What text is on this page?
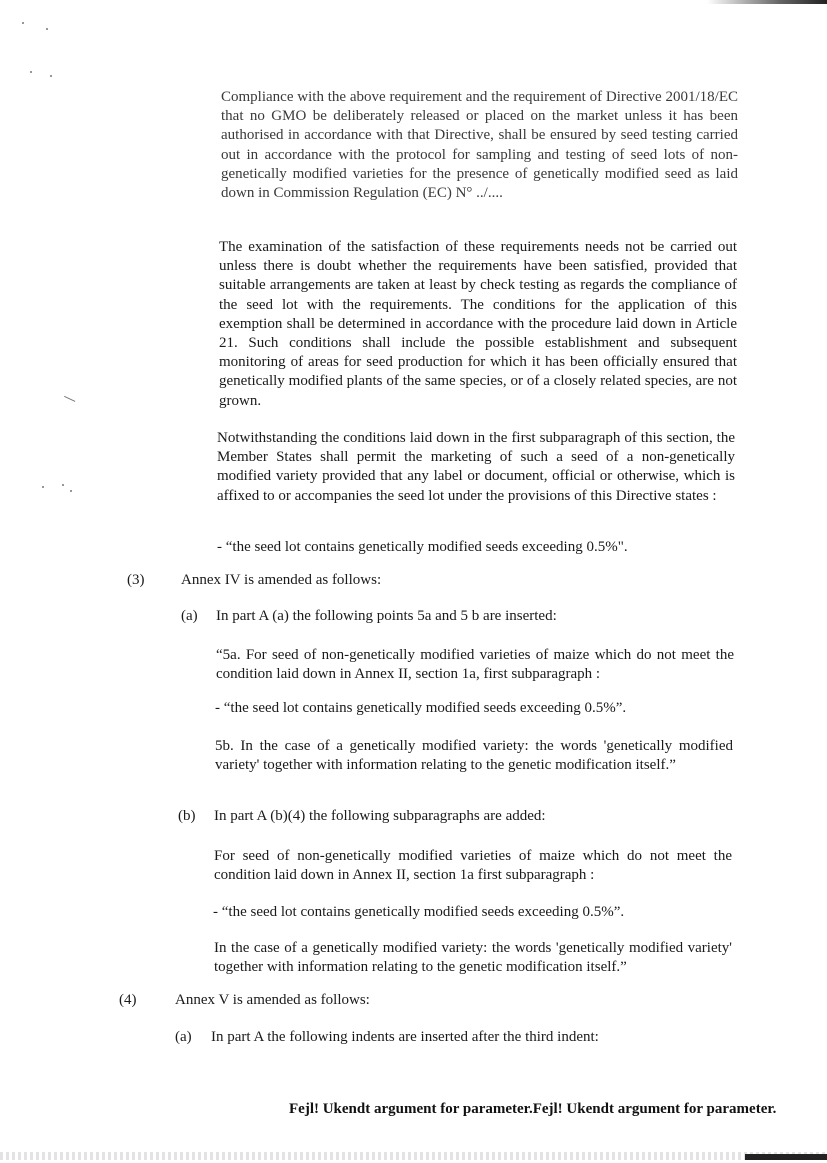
Compliance with the above requirement and the requirement of Directive 2001/18/EC that no GMO be deliberately released or placed on the market unless it has been authorised in accordance with that Directive, shall be ensured by seed testing carried out in accordance with the protocol for sampling and testing of seed lots of non-genetically modified varieties for the presence of genetically modified seed as laid down in Commission Regulation (EC) N° ../....
The examination of the satisfaction of these requirements needs not be carried out unless there is doubt whether the requirements have been satisfied, provided that suitable arrangements are taken at least by check testing as regards the compliance of the seed lot with the requirements. The conditions for the application of this exemption shall be determined in accordance with the procedure laid down in Article 21. Such conditions shall include the possible establishment and subsequent monitoring of areas for seed production for which it has been officially ensured that genetically modified plants of the same species, or of a closely related species, are not grown.
Notwithstanding the conditions laid down in the first subparagraph of this section, the Member States shall permit the marketing of such a seed of a non-genetically modified variety provided that any label or document, official or otherwise, which is affixed to or accompanies the seed lot under the provisions of this Directive states :
- “the seed lot contains genetically modified seeds exceeding 0.5%".
(3) Annex IV is amended as follows:
(a) In part A (a) the following points 5a and 5 b are inserted:
“5a. For seed of non-genetically modified varieties of maize which do not meet the condition laid down in Annex II, section 1a, first subparagraph :
- “the seed lot contains genetically modified seeds exceeding 0.5%”.
5b. In the case of a genetically modified variety: the words 'genetically modified variety' together with information relating to the genetic modification itself.”
(b) In part A (b)(4) the following subparagraphs are added:
For seed of non-genetically modified varieties of maize which do not meet the condition laid down in Annex II, section 1a first subparagraph :
- “the seed lot contains genetically modified seeds exceeding 0.5%”.
In the case of a genetically modified variety: the words 'genetically modified variety' together with information relating to the genetic modification itself.”
(4)	Annex V is amended as follows:
(a) In part A the following indents are inserted after the third indent:
Fejl! Ukendt argument for parameter.Fejl! Ukendt argument for parameter.
